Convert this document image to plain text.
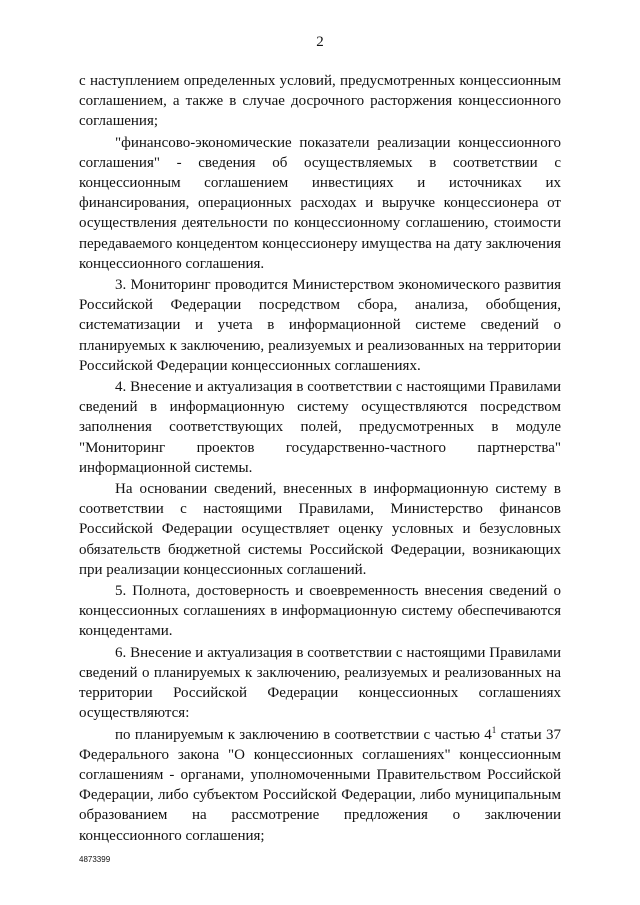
2

с наступлением определенных условий, предусмотренных концессионным соглашением, а также в случае досрочного расторжения концессионного соглашения;

"финансово-экономические показатели реализации концессионного соглашения" - сведения об осуществляемых в соответствии с концессионным соглашением инвестициях и источниках их финансирования, операционных расходах и выручке концессионера от осуществления деятельности по концессионному соглашению, стоимости передаваемого концедентом концессионеру имущества на дату заключения концессионного соглашения.

3. Мониторинг проводится Министерством экономического развития Российской Федерации посредством сбора, анализа, обобщения, систематизации и учета в информационной системе сведений о планируемых к заключению, реализуемых и реализованных на территории Российской Федерации концессионных соглашениях.

4. Внесение и актуализация в соответствии с настоящими Правилами сведений в информационную систему осуществляются посредством заполнения соответствующих полей, предусмотренных в модуле "Мониторинг проектов государственно-частного партнерства" информационной системы.

На основании сведений, внесенных в информационную систему в соответствии с настоящими Правилами, Министерство финансов Российской Федерации осуществляет оценку условных и безусловных обязательств бюджетной системы Российской Федерации, возникающих при реализации концессионных соглашений.

5. Полнота, достоверность и своевременность внесения сведений о концессионных соглашениях в информационную систему обеспечиваются концедентами.

6. Внесение и актуализация в соответствии с настоящими Правилами сведений о планируемых к заключению, реализуемых и реализованных на территории Российской Федерации концессионных соглашениях осуществляются:

по планируемым к заключению в соответствии с частью $4^1$ статьи 37 Федерального закона "О концессионных соглашениях" концессионным соглашениям - органами, уполномоченными Правительством Российской Федерации, либо субъектом Российской Федерации, либо муниципальным образованием на рассмотрение предложения о заключении концессионного соглашения;

4873399
